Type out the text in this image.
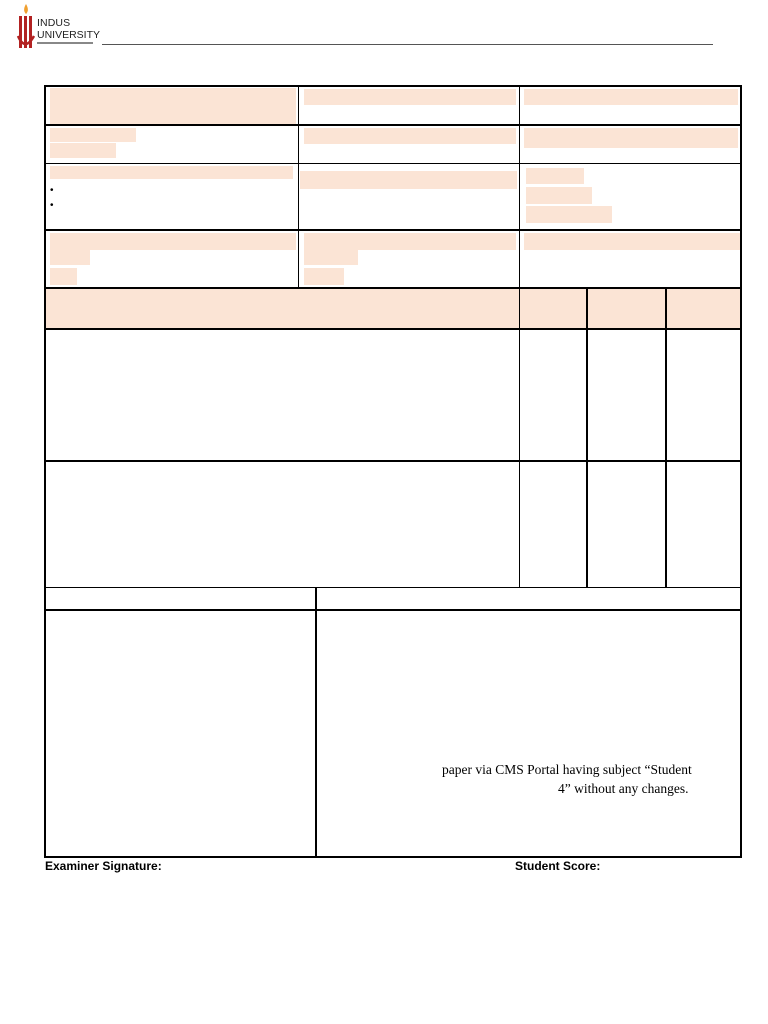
INDUS
UNIVERSITY
•
•
paper via CMS Portal having subject “Student
4” without any changes.
Examiner Signature:	Student Score:
